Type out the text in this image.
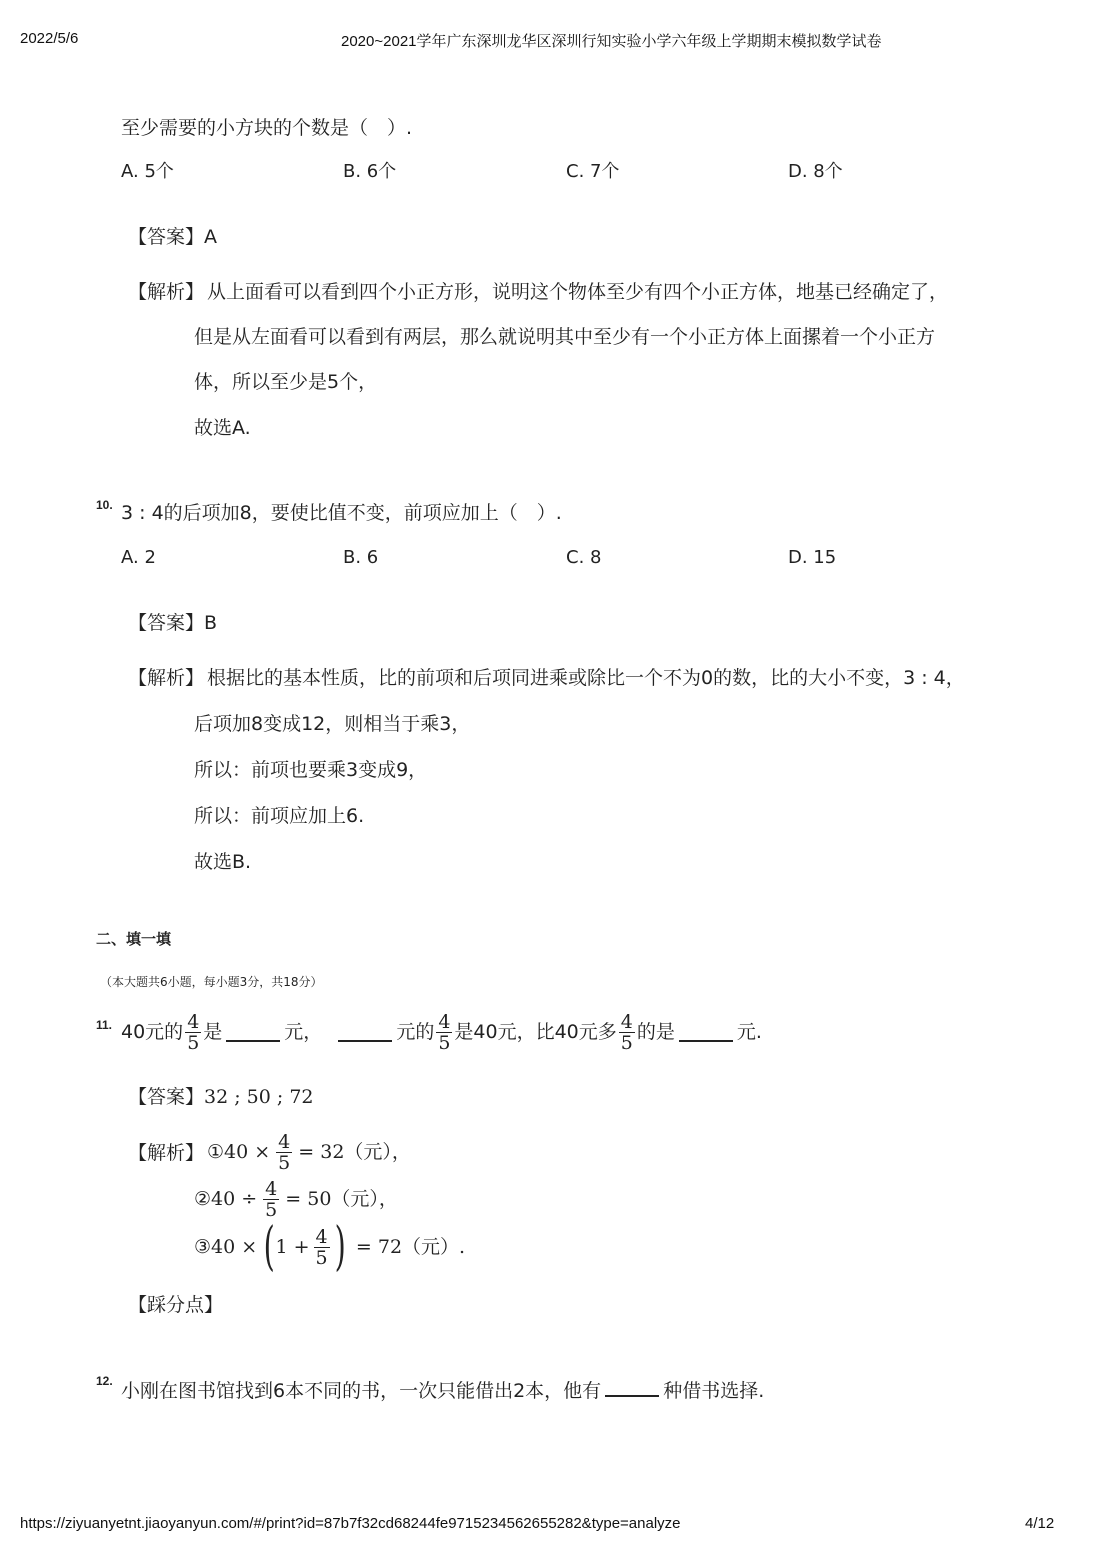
2022/5/6	2020~2021学年广东深圳龙华区深圳行知实验小学六年级上学期期末模拟数学试卷
至少需要的小方块的个数是（　）.
A. 5个	B. 6个	C. 7个	D. 8个
【答案】A
【解析】 从上面看可以看到四个小正方形，说明这个物体至少有四个小正方体，地基已经确定了，
但是从左面看可以看到有两层，那么就说明其中至少有一个小正方体上面摞着一个小正方
体，所以至少是5个，
故选A.
10. 3 : 4的后项加8，要使比值不变，前项应加上（　）.
A. 2	B. 6	C. 8	D. 15
【答案】B
【解析】 根据比的基本性质，比的前项和后项同进乘或除比一个不为0的数，比的大小不变，3 : 4，
后项加8变成12，则相当于乘3，
所以：前项也要乘3变成9，
所以：前项应加上6.
故选B.
二、填一填
（本大题共6小题，每小题3分，共18分）
11. 40元的 $\frac{4}{5}$ 是	元，	元的 $\frac{4}{5}$ 是40元，比40元多 $\frac{4}{5}$ 的是	元.
【答案】32 ; 50 ; 72
【解析】 ①40 × $\frac{4}{5} = 32$（元），
②40 ÷ $\frac{4}{5} = 50$（元），
③40 × ( $1 + \frac{4}{5}$ ) = 72（元）.
【踩分点】
12. 小刚在图书馆找到6本不同的书，一次只能借出2本，他有	种借书选择.
https://ziyuanyetnt.jiaoyanyun.com/#/print?id=87b7f32cd68244fe9715234562655282&type=analyze	4/12
